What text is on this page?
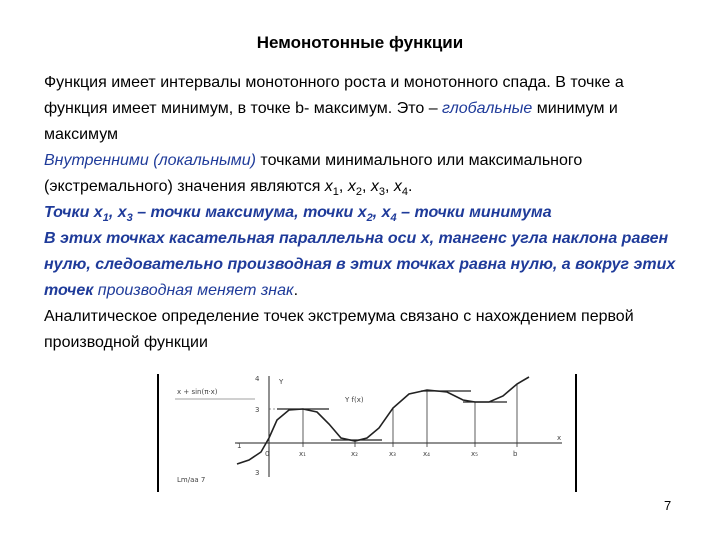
Немонотонные функции

Функция имеет интервалы монотонного роста и монотонного спада. В точке а функция имеет минимум, в точке b- максимум. Это – глобальные минимум и максимум

Внутренними (локальными) точками минимального или максимального (экстремального) значения являются $x_1$, $x_2$, $x_3$, $x_4$.

Точки $x_1$, $x_3$ – точки максимума, точки $x_2$, $x_4$ – точки минимума

В этих точках касательная параллельна оси x, тангенс угла наклона равен нулю, следовательно производная в этих точках равна нулю, а вокруг этих точек производная меняет знак.

Аналитическое определение точек экстремума связано с нахождением первой производной функции

x
Y
x + sin(π·x)
Y f(x)
4
3
1
3
0	x₁	x₂	x₃	x₄	x₅	b
Lm/aa 7
7
